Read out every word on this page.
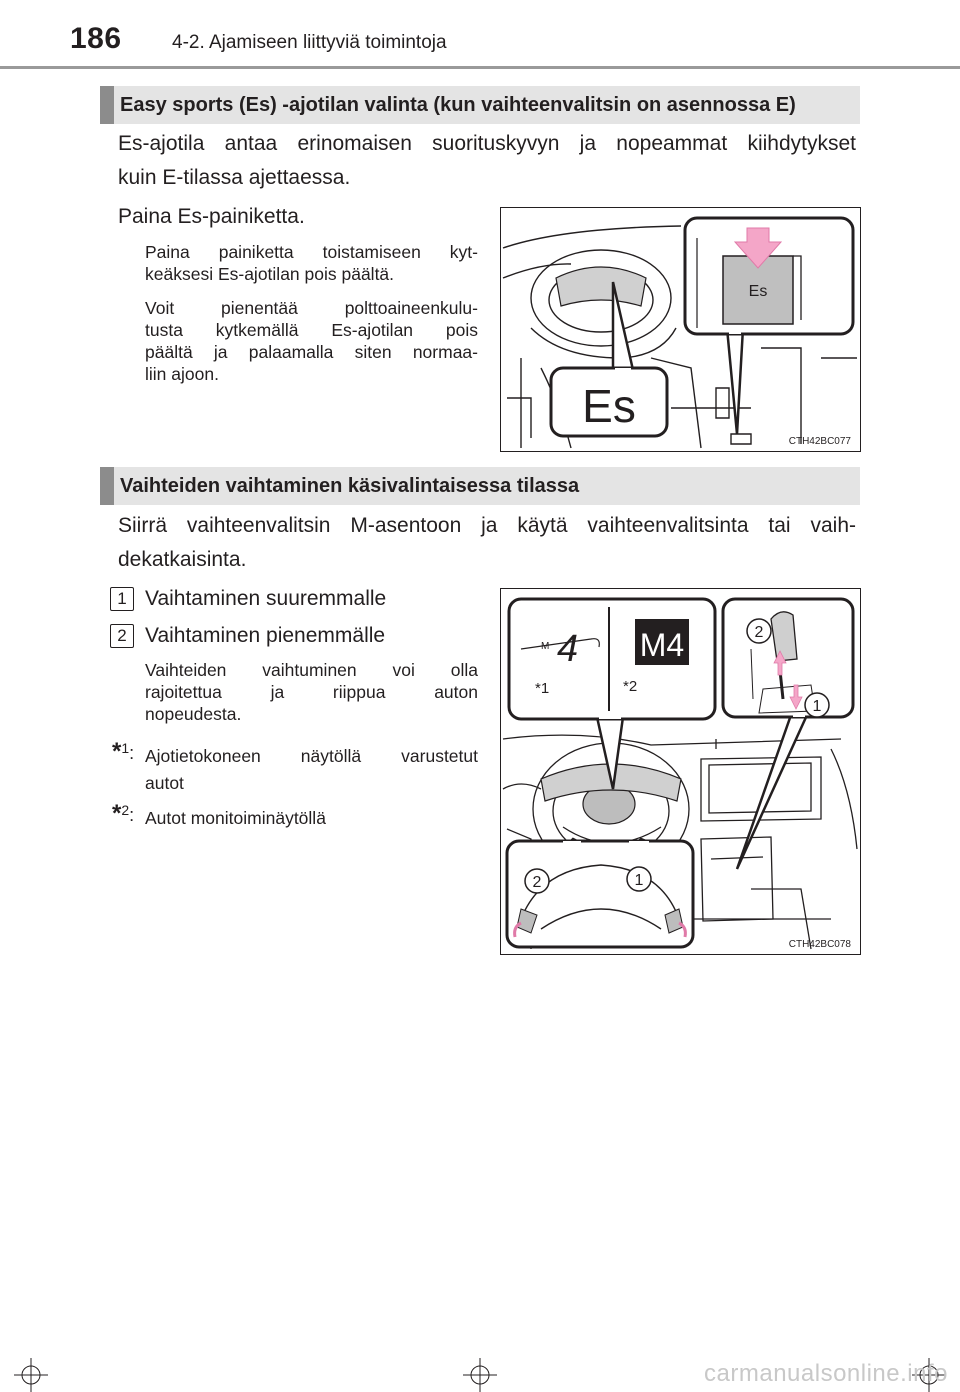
186	4-2. Ajamiseen liittyviä toimintoja
Easy sports (Es) -ajotilan valinta (kun vaihteenvalitsin on asennossa E)
Es-ajotila antaa erinomaisen suorituskyvyn ja nopeammat kiihdytykset
kuin E-tilassa ajettaessa.
Paina Es-painiketta.
Paina painiketta toistamiseen kyt-
keäksesi Es-ajotilan pois päältä.
Voit pienentää polttoaineenkulu-
tusta kytkemällä Es-ajotilan pois
päältä ja palaamalla siten normaa-
liin ajoon.
Es
Es
CTH42BC077
Vaihteiden vaihtaminen käsivalintaisessa tilassa
Siirrä vaihteenvalitsin M-asentoon ja käytä vaihteenvalitsinta tai vaih-
dekatkaisinta.
1 Vaihtaminen suuremmalle
2 Vaihtaminen pienemmälle
Vaihteiden vaihtuminen voi olla
rajoitettua ja riippua auton
nopeudesta.
*1: Ajotietokoneen näytöllä varustetut
autot
*2: Autot monitoiminäytöllä
M 4 M4
*1	*2
2
1
2	1
CTH42BC078
carmanualsonline.info
